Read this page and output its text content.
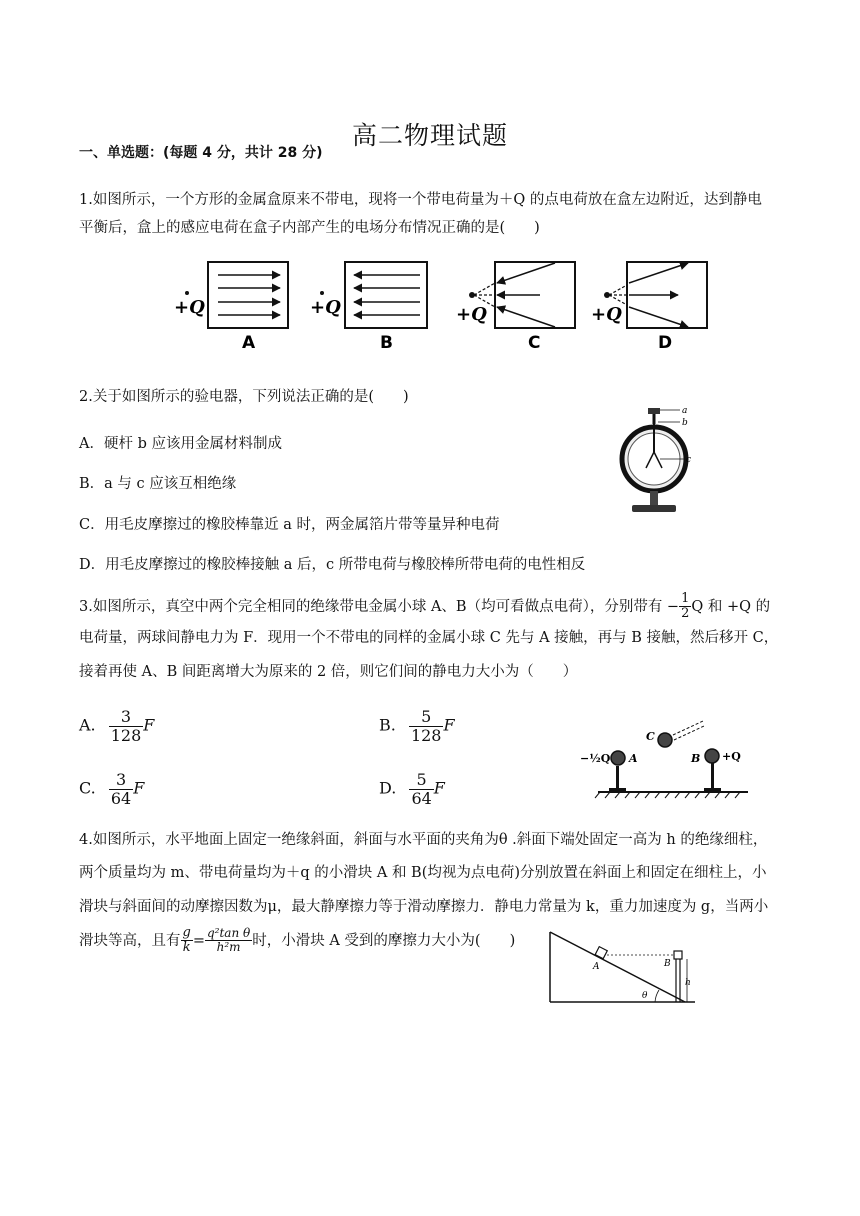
高二物理试题
一、单选题：(每题 4 分，共计 28 分)
1.如图所示，一个方形的金属盒原来不带电，现将一个带电荷量为＋Q 的点电荷放在盒左边附近，达到静电
平衡后，盒上的感应电荷在盒子内部产生的电场分布情况正确的是(　　)
+Q
A
+Q
B
+Q
C
+Q
D
2.关于如图所示的验电器，下列说法正确的是(　　)
A．硬杆 b 应该用金属材料制成
B．a 与 c 应该互相绝缘
C．用毛皮摩擦过的橡胶棒靠近 a 时，两金属箔片带等量异种电荷
D．用毛皮摩擦过的橡胶棒接触 a 后，c 所带电荷与橡胶棒所带电荷的电性相反
a
b
c
3.如图所示，真空中两个完全相同的绝缘带电金属小球 A、B（均可看做点电荷），分别带有 − $\frac{1}{2}$ Q 和 +Q 的
电荷量，两球间静电力为 F．现用一个不带电的同样的金属小球 C 先与 A 接触，再与 B 接触，然后移开 C，
接着再使 A、B 间距离增大为原来的 2 倍，则它们间的静电力大小为（　　）
A. $\frac{3}{128}$ F	B. $\frac{5}{128}$ F
C. $\frac{3}{64}$ F	D. $\frac{5}{64}$ F
−½Q A	B +Q
C
4.如图所示，水平地面上固定一绝缘斜面，斜面与水平面的夹角为θ .斜面下端处固定一高为 h 的绝缘细柱，
两个质量均为 m、带电荷量均为＋q 的小滑块 A 和 B(均视为点电荷)分别放置在斜面上和固定在细柱上，小
滑块与斜面间的动摩擦因数为μ，最大静摩擦力等于滑动摩擦力．静电力常量为 k，重力加速度为 g，当两小
滑块等高，且有 $\frac{g}{k} = \frac{\text{q²tan θ}}{\text{h²m}}$ 时，小滑块 A 受到的摩擦力大小为(　　)
A	B
h
θ
